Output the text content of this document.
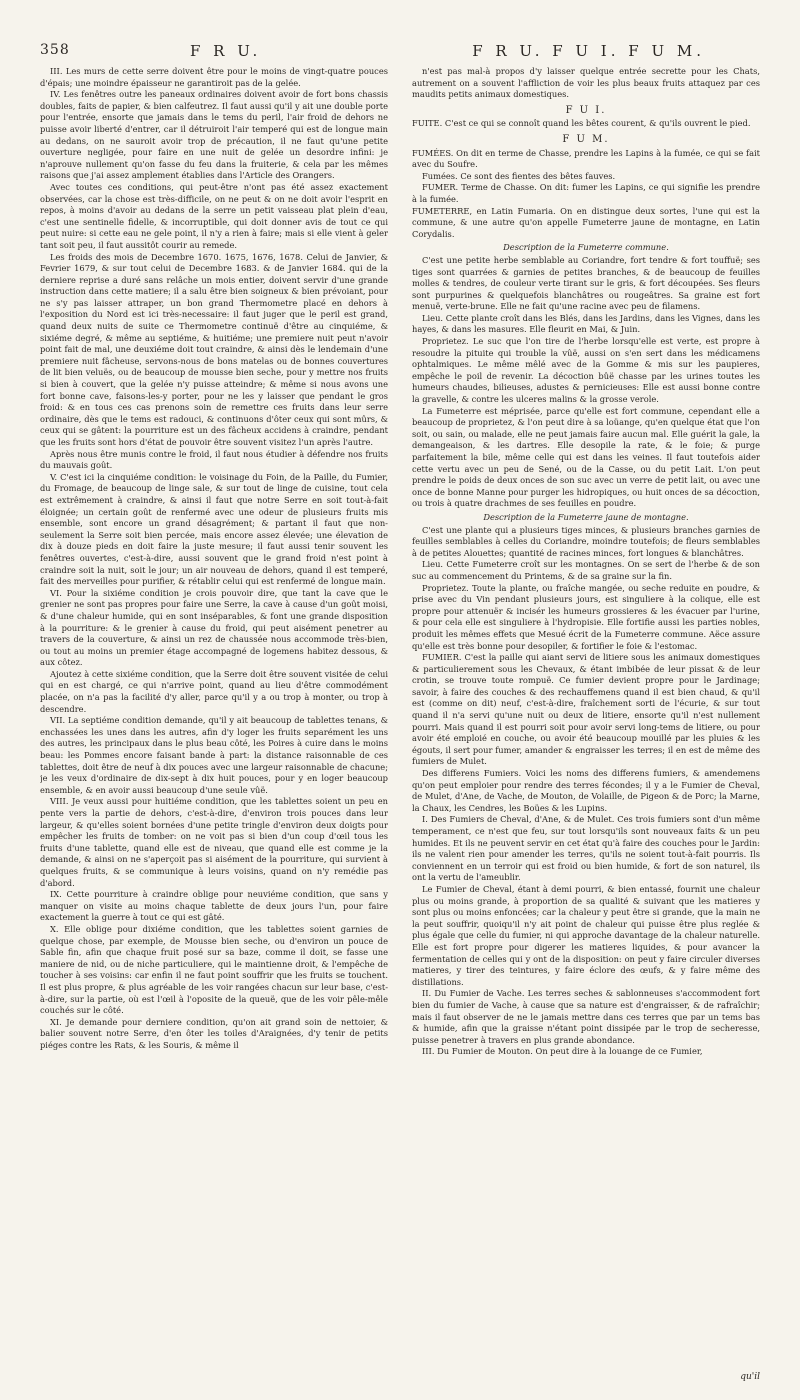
358	F R U.	F R U. F U I. F U M.

III. Les murs de cette serre doivent être pour le moins de vingt-quatre pouces d'épais; une moindre épaisseur ne garantiroit pas de la gelée.

IV. Les fenêtres outre les paneaux ordinaires doivent avoir de fort bons chassis doubles, faits de papier, & bien calfeutrez. Il faut aussi qu'il y ait une double porte pour l'entrée, ensorte que jamais dans le tems du peril, l'air froid de dehors ne puisse avoir liberté d'entrer, car il détruiroit l'air temperé qui est de longue main au dedans, on ne sauroit avoir trop de précaution, il ne faut qu'une petite ouverture negligée, pour faire en une nuit de gelée un desordre infini: je n'aprouve nullement qu'on fasse du feu dans la fruiterie, & cela par les mêmes raisons que j'ai assez amplement établies dans l'Article des Orangers.

Avec toutes ces conditions, qui peut-être n'ont pas été assez exactement observées, car la chose est très-difficile, on ne peut & on ne doit avoir l'esprit en repos, à moins d'avoir au dedans de la serre un petit vaisseau plat plein d'eau, c'est une sentinelle fidelle, & incorruptible, qui doit donner avis de tout ce qui peut nuire: si cette eau ne gele point, il n'y a rien à faire; mais si elle vient à geler tant soit peu, il faut aussitôt courir au remede.

Les froids des mois de Decembre 1670. 1675, 1676, 1678. Celui de Janvier, & Fevrier 1679, & sur tout celui de Decembre 1683. & de Janvier 1684. qui de la derniere reprise a duré sans relâche un mois entier, doivent servir d'une grande instruction dans cette matiere; il a salu être bien soigneux & bien prévoiant, pour ne s'y pas laisser attraper, un bon grand Thermometre placé en dehors à l'exposition du Nord est ici très-necessaire: il faut juger que le peril est grand, quand deux nuits de suite ce Thermometre continuë d'être au cinquiéme, & sixiéme degré, & même au septiéme, & huitiéme; une premiere nuit peut n'avoir point fait de mal, une deuxiéme doit tout craindre, & ainsi dès le lendemain d'une premiere nuit fâcheuse, servons-nous de bons matelas ou de bonnes couvertures de lit bien veluës, ou de beaucoup de mousse bien seche, pour y mettre nos fruits si bien à couvert, que la gelée n'y puisse atteindre; & même si nous avons une fort bonne cave, faisons-les-y porter, pour ne les y laisser que pendant le gros froid: & en tous ces cas prenons soin de remettre ces fruits dans leur serre ordinaire, dès que le tems est radouci, & continuons d'ôter ceux qui sont mûrs, & ceux qui se gâtent: la pourriture est un des fâcheux accidens à craindre, pendant que les fruits sont hors d'état de pouvoir être souvent visitez l'un après l'autre.

Après nous être munis contre le froid, il faut nous étudier à défendre nos fruits du mauvais goût.

V. C'est ici la cinquiéme condition: le voisinage du Foin, de la Paille, du Fumier, du Fromage, de beaucoup de linge sale, & sur tout de linge de cuisine, tout cela est extrêmement à craindre, & ainsi il faut que notre Serre en soit tout-à-fait éloignée; un certain goût de renfermé avec une odeur de plusieurs fruits mis ensemble, sont encore un grand désagrément; & partant il faut que non-seulement la Serre soit bien percée, mais encore assez élevée; une élevation de dix à douze pieds en doit faire la juste mesure; il faut aussi tenir souvent les fenêtres ouvertes, c'est-à-dire, aussi souvent que le grand froid n'est point à craindre soit la nuit, soit le jour; un air nouveau de dehors, quand il est temperé, fait des merveilles pour purifier, & rétablir celui qui est renfermé de longue main.

VI. Pour la sixiéme condition je crois pouvoir dire, que tant la cave que le grenier ne sont pas propres pour faire une Serre, la cave à cause d'un goût moisi, & d'une chaleur humide, qui en sont inséparables, & font une grande disposition à la pourriture: & le grenier à cause du froid, qui peut aisément penetrer au travers de la couverture, & ainsi un rez de chaussée nous accommode très-bien, ou tout au moins un premier étage accompagné de logemens habitez dessous, & aux côtez.

Ajoutez à cette sixiéme condition, que la Serre doit être souvent visitée de celui qui en est chargé, ce qui n'arrive point, quand au lieu d'être commodément placée, on n'a pas la facilité d'y aller, parce qu'il y a ou trop à monter, ou trop à descendre.

VII. La septiéme condition demande, qu'il y ait beaucoup de tablettes tenans, & enchassées les unes dans les autres, afin d'y loger les fruits separément les uns des autres, les principaux dans le plus beau côté, les Poires à cuire dans le moins beau: les Pommes encore faisant bande à part: la distance raisonnable de ces tablettes, doit être de neuf à dix pouces avec une largeur raisonnable de chacune; je les veux d'ordinaire de dix-sept à dix huit pouces, pour y en loger beaucoup ensemble, & en avoir aussi beaucoup d'une seule vûë.

VIII. Je veux aussi pour huitiéme condition, que les tablettes soient un peu en pente vers la partie de dehors, c'est-à-dire, d'environ trois pouces dans leur largeur, & qu'elles soient bornées d'une petite tringle d'environ deux doigts pour empêcher les fruits de tomber: on ne voit pas si bien d'un coup d'œil tous les fruits d'une tablette, quand elle est de niveau, que quand elle est comme je la demande, & ainsi on ne s'aperçoit pas si aisément de la pourriture, qui survient à quelques fruits, & se communique à leurs voisins, quand on n'y remédie pas d'abord.

IX. Cette pourriture à craindre oblige pour neuviéme condition, que sans y manquer on visite au moins chaque tablette de deux jours l'un, pour faire exactement la guerre à tout ce qui est gâté.

X. Elle oblige pour dixiéme condition, que les tablettes soient garnies de quelque chose, par exemple, de Mousse bien seche, ou d'environ un pouce de Sable fin, afin que chaque fruit posé sur sa baze, comme il doit, se fasse une maniere de nid, ou de niche particuliere, qui le maintienne droit, & l'empêche de toucher à ses voisins: car enfin il ne faut point souffrir que les fruits se touchent. Il est plus propre, & plus agréable de les voir rangées chacun sur leur base, c'est-à-dire, sur la partie, où est l'œil à l'oposite de la queuë, que de les voir pêle-mêle couchés sur le côté.

XI. Je demande pour derniere condition, qu'on ait grand soin de nettoier, & balier souvent notre Serre, d'en ôter les toiles d'Araignées, d'y tenir de petits piéges contre les Rats, & les Souris, & même il

n'est pas mal-à propos d'y laisser quelque entrée secrette pour les Chats, autrement on a souvent l'affliction de voir les plus beaux fruits attaquez par ces maudits petits animaux domestiques.

F U I.

FUITE. C'est ce qui se connoît quand les bêtes courent, & qu'ils ouvrent le pied.

F U M.

FUMÉES. On dit en terme de Chasse, prendre les Lapins à la fumée, ce qui se fait avec du Soufre.

Fumées. Ce sont des fientes des bêtes fauves.

FUMER. Terme de Chasse. On dit: fumer les Lapins, ce qui signifie les prendre à la fumée.

FUMETERRE, en Latin Fumaria. On en distingue deux sortes, l'une qui est la commune, & une autre qu'on appelle Fumeterre jaune de montagne, en Latin Corydalis.

Description de la Fumeterre commune.

C'est une petite herbe semblable au Coriandre, fort tendre & fort touffuë; ses tiges sont quarrées & garnies de petites branches, & de beaucoup de feuilles molles & tendres, de couleur verte tirant sur le gris, & fort découpées. Ses fleurs sont purpurines & quelquefois blanchâtres ou rougeâtres. Sa graine est fort menuë, verte-brune. Elle ne fait qu'une racine avec peu de filamens.

Lieu. Cette plante croît dans les Blés, dans les Jardins, dans les Vignes, dans les hayes, & dans les masures. Elle fleurit en Mai, & Juin.

Proprietez. Le suc que l'on tire de l'herbe lorsqu'elle est verte, est propre à resoudre la pituite qui trouble la vûë, aussi on s'en sert dans les médicamens ophtalmiques. Le même mêlé avec de la Gomme & mis sur les paupieres, empêche le poil de revenir. La décoction bûë chasse par les urines toutes les humeurs chaudes, bilieuses, adustes & pernicieuses: Elle est aussi bonne contre la gravelle, & contre les ulceres malins & la grosse verole.

La Fumeterre est méprisée, parce qu'elle est fort commune, cependant elle a beaucoup de proprietez, & l'on peut dire à sa loüange, qu'en quelque état que l'on soit, ou sain, ou malade, elle ne peut jamais faire aucun mal. Elle guérit la gale, la demangeaison, & les dartres. Elle desopile la rate, & le foie; & purge parfaitement la bile, même celle qui est dans les veines. Il faut toutefois aider cette vertu avec un peu de Sené, ou de la Casse, ou du petit Lait. L'on peut prendre le poids de deux onces de son suc avec un verre de petit lait, ou avec une once de bonne Manne pour purger les hidropiques, ou huit onces de sa décoction, ou trois à quatre drachmes de ses feuilles en poudre.

Description de la Fumeterre jaune de montagne.

C'est une plante qui a plusieurs tiges minces, & plusieurs branches garnies de feuilles semblables à celles du Coriandre, moindre toutefois; de fleurs semblables à de petites Alouettes; quantité de racines minces, fort longues & blanchâtres.

Lieu. Cette Fumeterre croît sur les montagnes. On se sert de l'herbe & de son suc au commencement du Printems, & de sa graine sur la fin.

Proprietez. Toute la plante, ou fraîche mangée, ou seche reduite en poudre, & prise avec du Vin pendant plusieurs jours, est singuliere à la colique, elle est propre pour attenuër & incisér les humeurs grossieres & les évacuer par l'urine, & pour cela elle est singuliere à l'hydropisie. Elle fortifie aussi les parties nobles, produit les mêmes effets que Mesué écrit de la Fumeterre commune. Aëce assure qu'elle est très bonne pour desopiler, & fortifier le foie & l'estomac.

FUMIER. C'est la paille qui aiant servi de litiere sous les animaux domestiques & particulierement sous les Chevaux, & étant imbibée de leur pissat & de leur crotin, se trouve toute rompuë. Ce fumier devient propre pour le Jardinage; savoir, à faire des couches & des rechauffemens quand il est bien chaud, & qu'il est (comme on dit) neuf, c'est-à-dire, fraîchement sorti de l'écurie, & sur tout quand il n'a servi qu'une nuit ou deux de litiere, ensorte qu'il n'est nullement pourri. Mais quand il est pourri soit pour avoir servi long-tems de litiere, ou pour avoir été emploié en couche, ou avoir été beaucoup mouillé par les pluies & les égouts, il sert pour fumer, amander & engraisser les terres; il en est de même des fumiers de Mulet.

Des differens Fumiers. Voici les noms des differens fumiers, & amendemens qu'on peut emploier pour rendre des terres fécondes; il y a le Fumier de Cheval, de Mulet, d'Ane, de Vache, de Mouton, de Volaille, de Pigeon & de Porc; la Marne, la Chaux, les Cendres, les Boües & les Lupins.

I. Des Fumiers de Cheval, d'Ane, & de Mulet. Ces trois fumiers sont d'un même temperament, ce n'est que feu, sur tout lorsqu'ils sont nouveaux faits & un peu humides. Et ils ne peuvent servir en cet état qu'à faire des couches pour le Jardin: ils ne valent rien pour amender les terres, qu'ils ne soient tout-à-fait pourris. Ils conviennent en un terroir qui est froid ou bien humide, & fort de son naturel, ils ont la vertu de l'ameublir.

Le Fumier de Cheval, étant à demi pourri, & bien entassé, fournit une chaleur plus ou moins grande, à proportion de sa qualité & suivant que les matieres y sont plus ou moins enfoncées; car la chaleur y peut être si grande, que la main ne la peut souffrir, quoiqu'il n'y ait point de chaleur qui puisse être plus reglée & plus égale que celle du fumier, ni qui approche davantage de la chaleur naturelle. Elle est fort propre pour digerer les matieres liquides, & pour avancer la fermentation de celles qui y ont de la disposition: on peut y faire circuler diverses matieres, y tirer des teintures, y faire éclore des œufs, & y faire même des distillations.

II. Du Fumier de Vache. Les terres seches & sablonneuses s'accommodent fort bien du fumier de Vache, à cause que sa nature est d'engraisser, & de rafraîchir; mais il faut observer de ne le jamais mettre dans ces terres que par un tems bas & humide, afin que la graisse n'étant point dissipée par le trop de secheresse, puisse penetrer à travers en plus grande abondance.

III. Du Fumier de Mouton. On peut dire à la louange de ce Fumier,

qu'il
